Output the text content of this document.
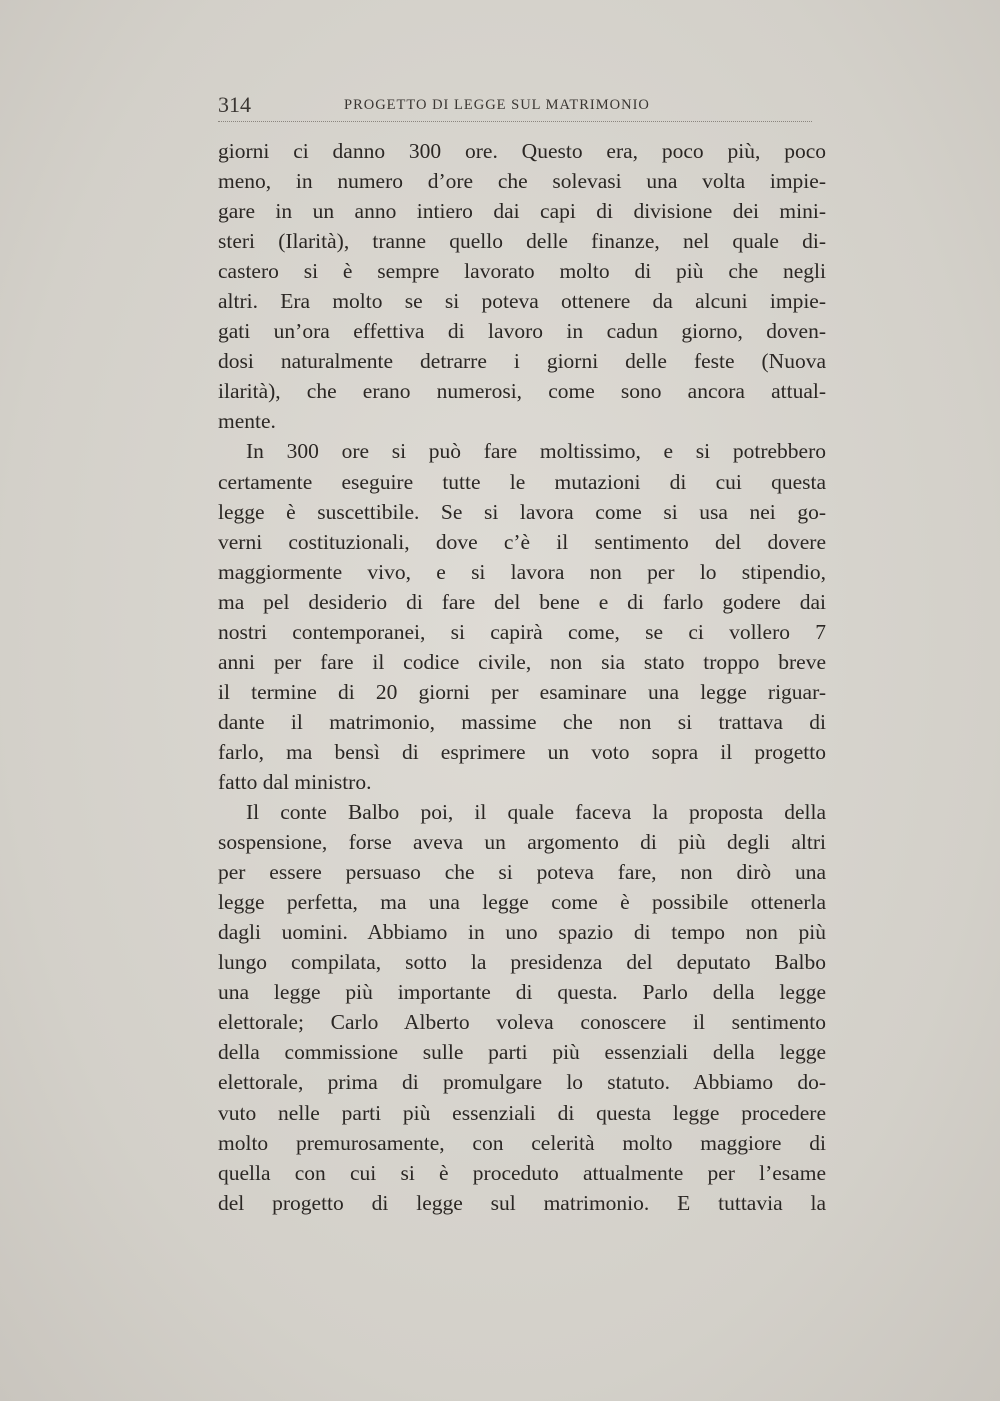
314	PROGETTO DI LEGGE SUL MATRIMONIO
giorni ci danno 300 ore. Questo era, poco più, poco
meno, in numero d’ore che solevasi una volta impie-
gare in un anno intiero dai capi di divisione dei mini-
steri (Ilarità), tranne quello delle finanze, nel quale di-
castero si è sempre lavorato molto di più che negli
altri. Era molto se si poteva ottenere da alcuni impie-
gati un’ora effettiva di lavoro in cadun giorno, doven-
dosi naturalmente detrarre i giorni delle feste (Nuova
ilarità), che erano numerosi, come sono ancora attual-
mente.
In 300 ore si può fare moltissimo, e si potrebbero
certamente eseguire tutte le mutazioni di cui questa
legge è suscettibile. Se si lavora come si usa nei go-
verni costituzionali, dove c’è il sentimento del dovere
maggiormente vivo, e si lavora non per lo stipendio,
ma pel desiderio di fare del bene e di farlo godere dai
nostri contemporanei, si capirà come, se ci vollero 7
anni per fare il codice civile, non sia stato troppo breve
il termine di 20 giorni per esaminare una legge riguar-
dante il matrimonio, massime che non si trattava di
farlo, ma bensì di esprimere un voto sopra il progetto
fatto dal ministro.
Il conte Balbo poi, il quale faceva la proposta della
sospensione, forse aveva un argomento di più degli altri
per essere persuaso che si poteva fare, non dirò una
legge perfetta, ma una legge come è possibile ottenerla
dagli uomini. Abbiamo in uno spazio di tempo non più
lungo compilata, sotto la presidenza del deputato Balbo
una legge più importante di questa. Parlo della legge
elettorale; Carlo Alberto voleva conoscere il sentimento
della commissione sulle parti più essenziali della legge
elettorale, prima di promulgare lo statuto. Abbiamo do-
vuto nelle parti più essenziali di questa legge procedere
molto premurosamente, con celerità molto maggiore di
quella con cui si è proceduto attualmente per l’esame
del progetto di legge sul matrimonio. E tuttavia la
